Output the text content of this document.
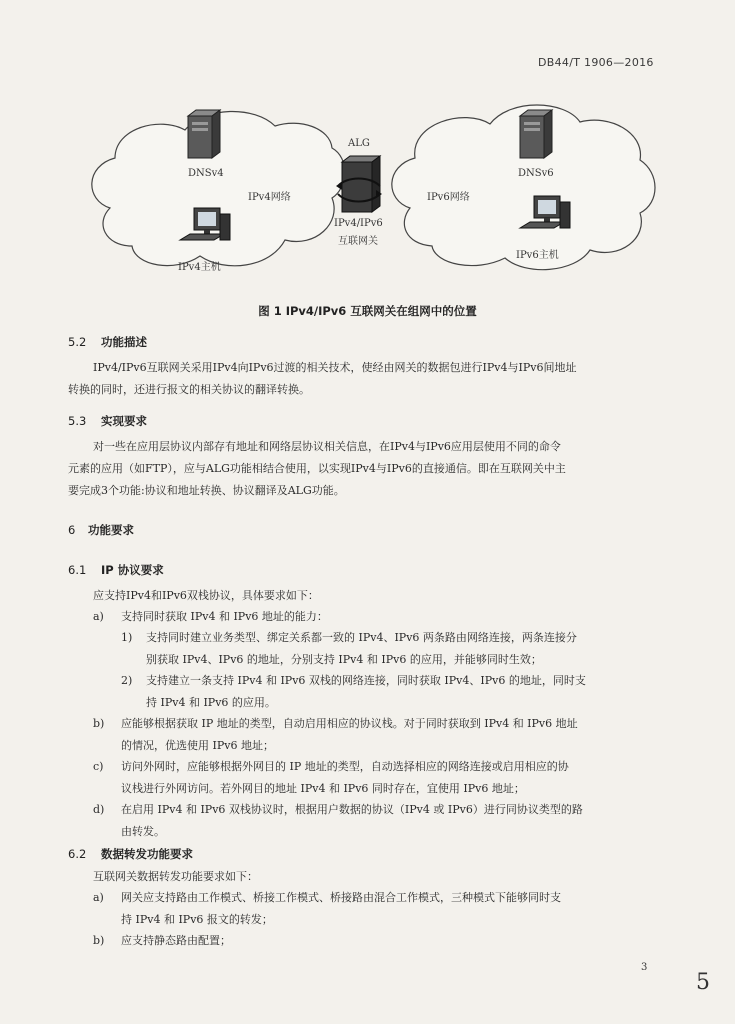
DB44/T 1906—2016
ALG
DNSv4	DNSv6
IPv4网络	IPv6网络
IPv4/IPv6
互联网关
IPv4主机
IPv6主机
图 1 IPv4/IPv6 互联网关在组网中的位置
5.2 功能描述

IPv4/IPv6互联网关采用IPv4向IPv6过渡的相关技术，使经由网关的数据包进行IPv4与IPv6间地址

转换的同时，还进行报文的相关协议的翻译转换。

5.3 实现要求

对一些在应用层协议内部存有地址和网络层协议相关信息，在IPv4与IPv6应用层使用不同的命令

元素的应用（如FTP），应与ALG功能相结合使用，以实现IPv4与IPv6的直接通信。即在互联网关中主

要完成3个功能:协议和地址转换、协议翻译及ALG功能。

6 功能要求
6.1 IP 协议要求

应支持IPv4和IPv6双栈协议，具体要求如下：

a) 支持同时获取 IPv4 和 IPv6 地址的能力：

1) 支持同时建立业务类型、绑定关系都一致的 IPv4、IPv6 两条路由网络连接，两条连接分

别获取 IPv4、IPv6 的地址，分别支持 IPv4 和 IPv6 的应用，并能够同时生效；

2) 支持建立一条支持 IPv4 和 IPv6 双栈的网络连接，同时获取 IPv4、IPv6 的地址，同时支

持 IPv4 和 IPv6 的应用。

b) 应能够根据获取 IP 地址的类型，自动启用相应的协议栈。对于同时获取到 IPv4 和 IPv6 地址

的情况，优选使用 IPv6 地址；

c) 访问外网时，应能够根据外网目的 IP 地址的类型，自动选择相应的网络连接或启用相应的协

议栈进行外网访问。若外网目的地址 IPv4 和 IPv6 同时存在，宜使用 IPv6 地址；

d) 在启用 IPv4 和 IPv6 双栈协议时，根据用户数据的协议（IPv4 或 IPv6）进行同协议类型的路

由转发。

6.2 数据转发功能要求

互联网关数据转发功能要求如下：

a) 网关应支持路由工作模式、桥接工作模式、桥接路由混合工作模式，三种模式下能够同时支

持 IPv4 和 IPv6 报文的转发；

b) 应支持静态路由配置；

3
5
